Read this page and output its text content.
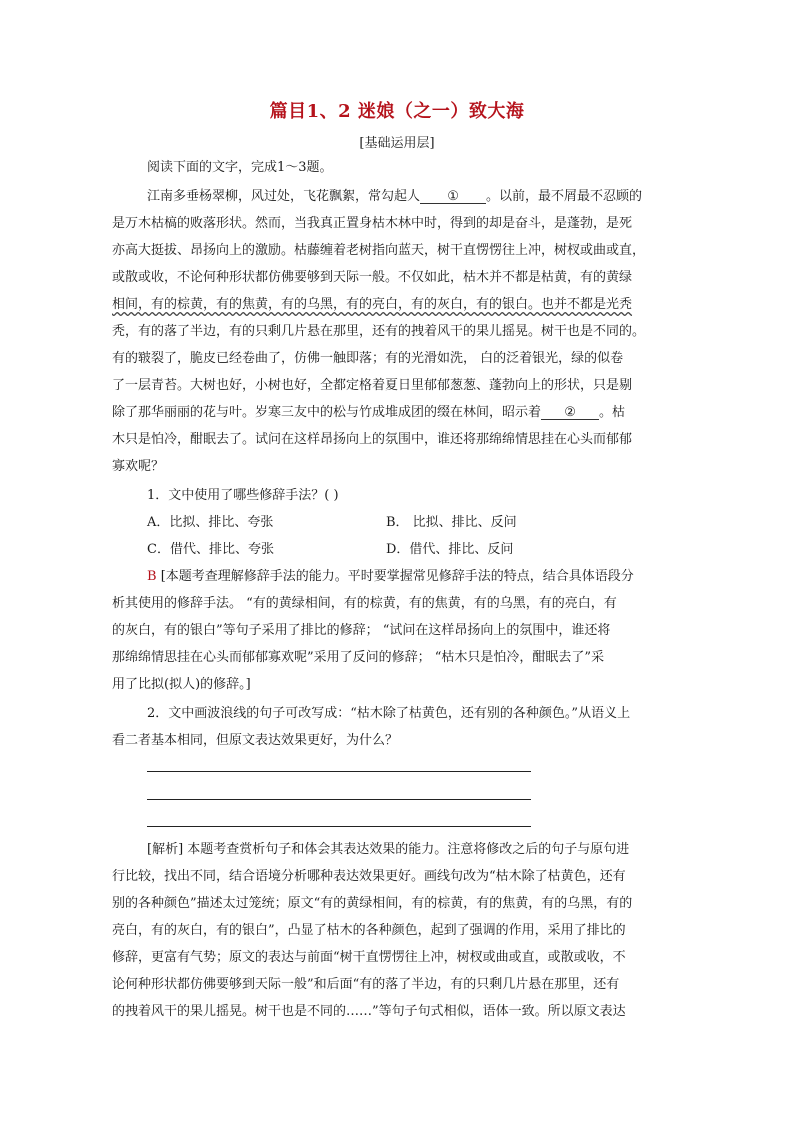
篇目1、2 迷娘（之一）致大海
[基础运用层]
阅读下面的文字，完成1～3题。
江南多垂杨翠柳，风过处，飞花飘絮，常勾起人 ① 。以前，最不屑最不忍顾的
是万木枯槁的败落形状。然而，当我真正置身枯木林中时，得到的却是奋斗，是蓬勃，是死
亦高大挺拔、昂扬向上的激励。枯藤缠着老树指向蓝天，树干直愣愣往上冲，树杈或曲或直，
或散或收，不论何种形状都仿佛要够到天际一般。不仅如此，枯木并不都是枯黄，有的黄绿
相间，有的棕黄，有的焦黄，有的乌黑，有的亮白，有的灰白，有的银白。也并不都是光秃
秃，有的落了半边，有的只剩几片悬在那里，还有的拽着风干的果儿摇晃。树干也是不同的。
有的皲裂了，脆皮已经卷曲了，仿佛一触即落；有的光滑如洗， 白的泛着银光，绿的似卷
了一层青苔。大树也好，小树也好，全都定格着夏日里郁郁葱葱、蓬勃向上的形状，只是剔
除了那华丽丽的花与叶。岁寒三友中的松与竹成堆成团的缀在林间，昭示着 ② 。枯
木只是怕冷，酣眠去了。试问在这样昂扬向上的氛围中，谁还将那绵绵情思挂在心头而郁郁
寡欢呢？
1．文中使用了哪些修辞手法？( )
A．比拟、排比、夸张	B． 比拟、排比、反问
C．借代、排比、夸张	D．借代、排比、反问
B [本题考查理解修辞手法的能力。平时要掌握常见修辞手法的特点，结合具体语段分
析其使用的修辞手法。 “有的黄绿相间，有的棕黄，有的焦黄，有的乌黑，有的亮白，有
的灰白，有的银白”等句子采用了排比的修辞； “试问在这样昂扬向上的氛围中，谁还将
那绵绵情思挂在心头而郁郁寡欢呢”采用了反问的修辞； “枯木只是怕冷，酣眠去了”采
用了比拟(拟人)的修辞。]
2．文中画波浪线的句子可改写成：“枯木除了枯黄色，还有别的各种颜色。”从语义上
看二者基本相同，但原文表达效果更好，为什么？
[解析] 本题考查赏析句子和体会其表达效果的能力。注意将修改之后的句子与原句进
行比较，找出不同，结合语境分析哪种表达效果更好。画线句改为“枯木除了枯黄色，还有
别的各种颜色”描述太过笼统；原文“有的黄绿相间，有的棕黄，有的焦黄，有的乌黑，有的
亮白，有的灰白，有的银白”，凸显了枯木的各种颜色，起到了强调的作用，采用了排比的
修辞，更富有气势；原文的表达与前面“树干直愣愣往上冲，树杈或曲或直，或散或收，不
论何种形状都仿佛要够到天际一般”和后面“有的落了半边，有的只剩几片悬在那里，还有
的拽着风干的果儿摇晃。树干也是不同的……”等句子句式相似，语体一致。所以原文表达
